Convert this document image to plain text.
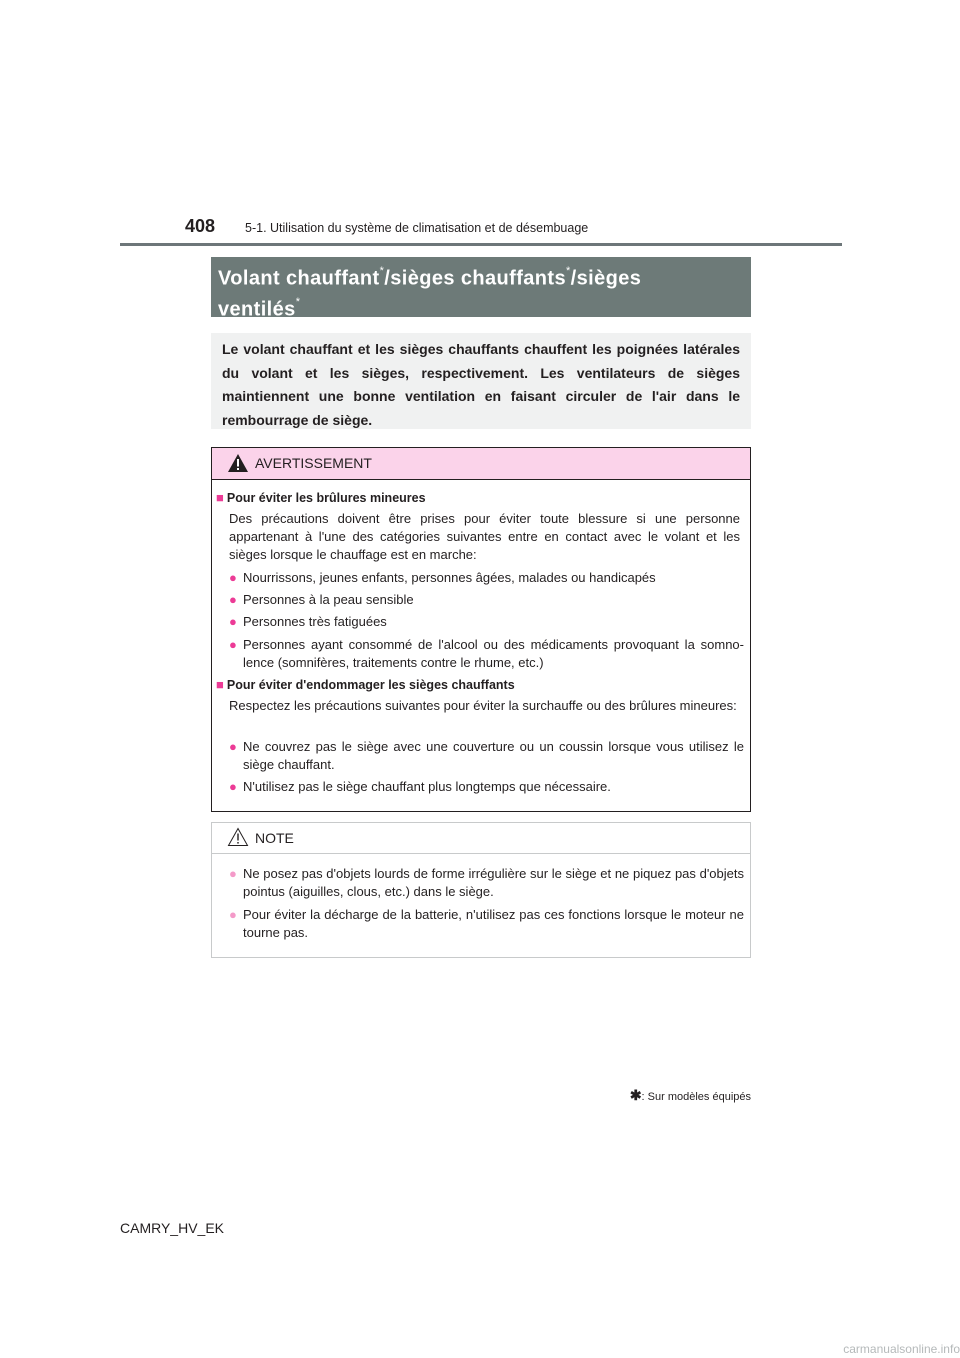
408 5-1. Utilisation du système de climatisation et de désembuage
Volant chauffant*/sièges chauffants*/sièges
ventilés*
Le volant chauffant et les sièges chauffants chauffent les poignées latérales du volant et les sièges, respectivement. Les ventilateurs de sièges maintiennent une bonne ventilation en faisant circuler de l'air dans le rembourrage de siège.
AVERTISSEMENT
■ Pour éviter les brûlures mineures
Des précautions doivent être prises pour éviter toute blessure si une personne appartenant à l'une des catégories suivantes entre en contact avec le volant et les sièges lorsque le chauffage est en marche:
● Nourrissons, jeunes enfants, personnes âgées, malades ou handicapés
● Personnes à la peau sensible
● Personnes très fatiguées
● Personnes ayant consommé de l'alcool ou des médicaments provoquant la somno-lence (somnifères, traitements contre le rhume, etc.)
■ Pour éviter d'endommager les sièges chauffants
Respectez les précautions suivantes pour éviter la surchauffe ou des brûlures mineures:
● Ne couvrez pas le siège avec une couverture ou un coussin lorsque vous utilisez le siège chauffant.
● N'utilisez pas le siège chauffant plus longtemps que nécessaire.
NOTE
● Ne posez pas d'objets lourds de forme irrégulière sur le siège et ne piquez pas d'objets pointus (aiguilles, clous, etc.) dans le siège.
● Pour éviter la décharge de la batterie, n'utilisez pas ces fonctions lorsque le moteur ne tourne pas.
✱: Sur modèles équipés
CAMRY_HV_EK
carmanualsonline.info
